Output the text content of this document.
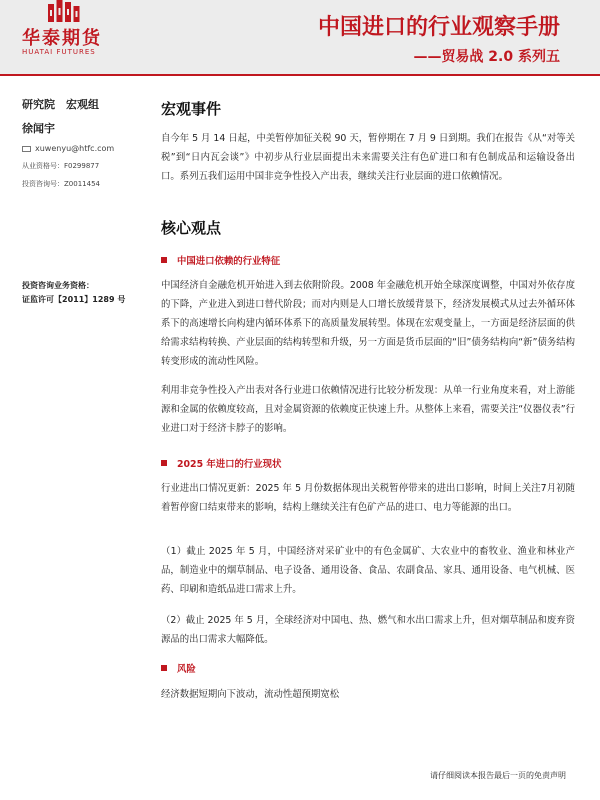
华泰期货
HUATAI FUTURES
中国进口的行业观察手册
——贸易战 2.0 系列五
研究院　宏观组
徐闻宇
xuwenyu@htfc.com
从业资格号：F0299877
投资咨询号：Z0011454
投资咨询业务资格：
证监许可【2011】1289 号
宏观事件

自今年 5 月 14 日起，中美暂停加征关税 90 天，暂停期在 7 月 9 日到期。我们在报告《从“对等关税”到“日内瓦会谈”》中初步从行业层面提出未来需要关注有色矿进口和有色制成品和运输设备出口。系列五我们运用中国非竞争性投入产出表，继续关注行业层面的进口依赖情况。

核心观点
中国进口依赖的行业特征

中国经济自金融危机开始进入到去依附阶段。2008 年金融危机开始全球深度调整，中国对外依存度的下降，产业进入到进口替代阶段；而对内则是人口增长放缓背景下，经济发展模式从过去外循环体系下的高速增长向构建内循环体系下的高质量发展转型。体现在宏观变量上，一方面是经济层面的供给需求结构转换、产业层面的结构转型和升级，另一方面是货币层面的“旧”债务结构向“新”债务结构转变形成的流动性风险。

利用非竞争性投入产出表对各行业进口依赖情况进行比较分析发现：从单一行业角度来看，对上游能源和金属的依赖度较高，且对金属资源的依赖度正快速上升。从整体上来看，需要关注“仪器仪表”行业进口对于经济卡脖子的影响。

2025 年进口的行业现状

行业进出口情况更新：2025 年 5 月份数据体现出关税暂停带来的进出口影响，时间上关注7月初随着暂停窗口结束带来的影响，结构上继续关注有色矿产品的进口、电力等能源的出口。

（1）截止 2025 年 5 月，中国经济对采矿业中的有色金属矿、大农业中的畜牧业、渔业和林业产品，制造业中的烟草制品、电子设备、通用设备、食品、农副食品、家具、通用设备、电气机械、医药、印刷和造纸品进口需求上升。

（2）截止 2025 年 5 月，全球经济对中国电、热、燃气和水出口需求上升，但对烟草制品和废弃资源品的出口需求大幅降低。

风险

经济数据短期向下波动，流动性超预期宽松

请仔细阅读本报告最后一页的免责声明
